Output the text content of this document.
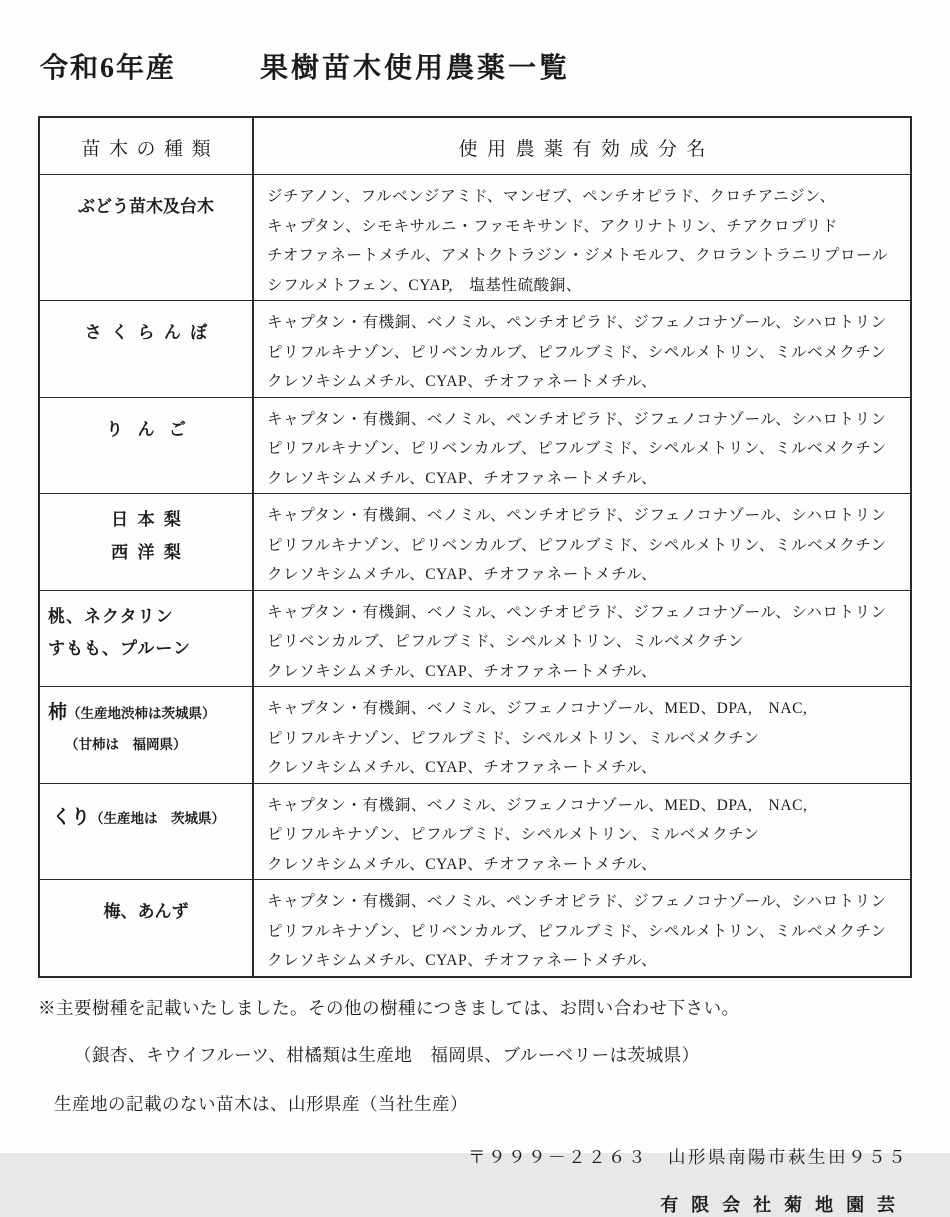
令和6年産	果樹苗木使用農薬一覧
苗木の種類	使用農薬有効成分名
ぶどう苗木及台木
ジチアノン、フルベンジアミド、マンゼブ、ペンチオピラド、クロチアニジン、
キャプタン、シモキサルニ・ファモキサンド、アクリナトリン、チアクロプリド
チオファネートメチル、アメトクトラジン・ジメトモルフ、クロラントラニリプロール
シフルメトフェン、CYAP,　塩基性硫酸銅、
さくらんぼ
キャプタン・有機銅、ベノミル、ペンチオピラド、ジフェノコナゾール、シハロトリン
ピリフルキナゾン、ピリベンカルブ、ピフルブミド、シペルメトリン、ミルベメクチン
クレソキシムメチル、CYAP、チオファネートメチル、
りんご
キャプタン・有機銅、ベノミル、ペンチオピラド、ジフェノコナゾール、シハロトリン
ピリフルキナゾン、ピリベンカルブ、ピフルブミド、シペルメトリン、ミルベメクチン
クレソキシムメチル、CYAP、チオファネートメチル、
日本梨
西洋梨
キャプタン・有機銅、ベノミル、ペンチオピラド、ジフェノコナゾール、シハロトリン
ピリフルキナゾン、ピリベンカルブ、ピフルブミド、シペルメトリン、ミルベメクチン
クレソキシムメチル、CYAP、チオファネートメチル、
桃、ネクタリン
すもも、プルーン
キャプタン・有機銅、ベノミル、ペンチオピラド、ジフェノコナゾール、シハロトリン
ピリベンカルブ、ピフルブミド、シペルメトリン、ミルベメクチン
クレソキシムメチル、CYAP、チオファネートメチル、
柿（生産地渋柿は茨城県）
（甘柿は　福岡県）
キャプタン・有機銅、ベノミル、ジフェノコナゾール、MED、DPA,　NAC,
ピリフルキナゾン、ピフルブミド、シペルメトリン、ミルベメクチン
クレソキシムメチル、CYAP、チオファネートメチル、
くり（生産地は　茨城県）
キャプタン・有機銅、ベノミル、ジフェノコナゾール、MED、DPA,　NAC,
ピリフルキナゾン、ピフルブミド、シペルメトリン、ミルベメクチン
クレソキシムメチル、CYAP、チオファネートメチル、
梅、あんず
キャプタン・有機銅、ベノミル、ペンチオピラド、ジフェノコナゾール、シハロトリン
ピリフルキナゾン、ピリベンカルブ、ピフルブミド、シペルメトリン、ミルベメクチン
クレソキシムメチル、CYAP、チオファネートメチル、
※主要樹種を記載いたしました。その他の樹種につきましては、お問い合わせ下さい。
（銀杏、キウイフルーツ、柑橘類は生産地　福岡県、ブルーベリーは茨城県）
生産地の記載のない苗木は、山形県産（当社生産）
〒９９９－２２６３　山形県南陽市萩生田９５５
有限会社菊地園芸
